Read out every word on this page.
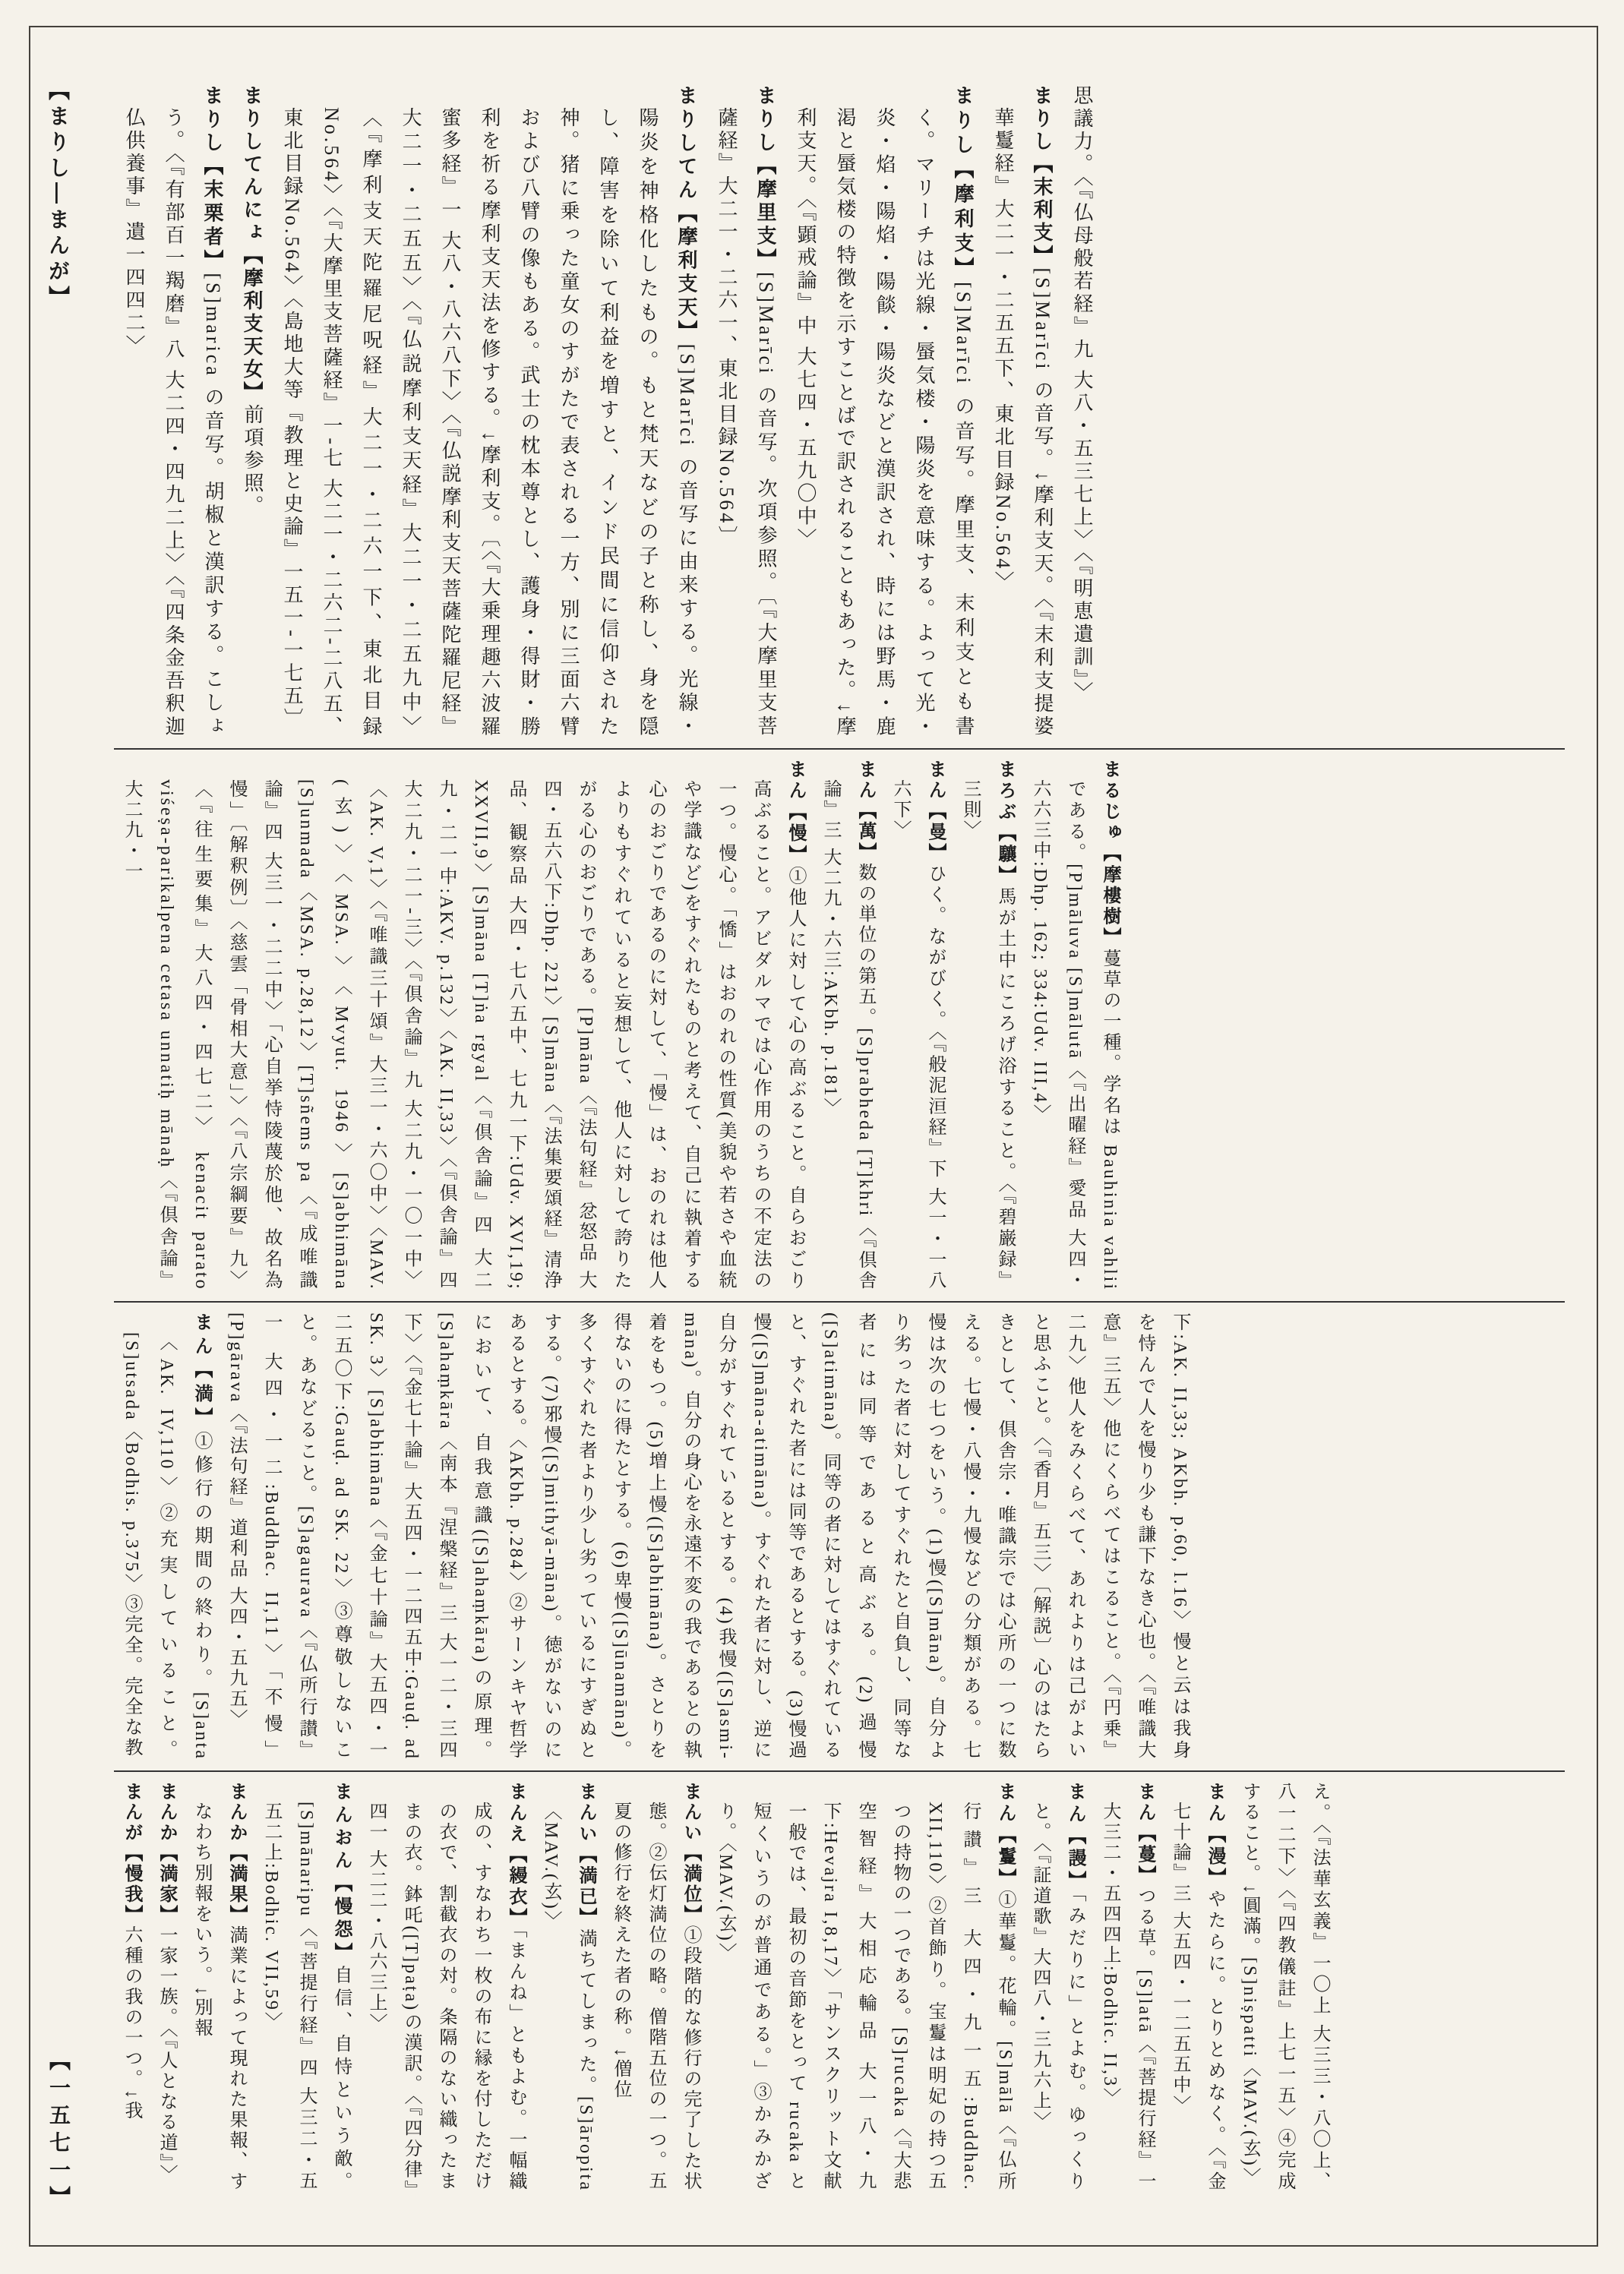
【まりし―まんが】	思議力。〈『仏母般若経』九 大八・五三七上〉〈『明恵遺訓』〉

まりし【末利支】[S]Marīci の音写。↓摩利支天。〈『末利支提婆華鬘経』大二一・二五五下、東北目録No.564〉

まりし【摩利支】[S]Marīci の音写。摩里支、末利支とも書く。マリーチは光線・蜃気楼・陽炎を意味する。よって光・炎・焰・陽焰・陽餤・陽炎などと漢訳され、時には野馬・鹿渇と蜃気楼の特徴を示すことばで訳されることもあった。↓摩利支天。〈『顕戒論』中 大七四・五九〇中〉

まりし【摩里支】[S]Marīci の音写。次項参照。〔『大摩里支菩薩経』大二一・二六一、東北目録No.564〕

まりしてん【摩利支天】[S]Marīci の音写に由来する。光線・陽炎を神格化したもの。もと梵天などの子と称し、身を隠し、障害を除いて利益を増すと、インド民間に信仰された神。猪に乗った童女のすがたで表される一方、別に三面六臂および八臂の像もある。武士の枕本尊とし、護身・得財・勝利を祈る摩利支天法を修する。↓摩利支。〔〈『大乗理趣六波羅蜜多経』一 大八・八六八下〉〈『仏説摩利支天菩薩陀羅尼経』大二一・二五五〉〈『仏説摩利支天経』大二一・二五九中〉〈『摩利支天陀羅尼呪経』大二一・二六一下、東北目録No.564〉〈『大摩里支菩薩経』一-七 大二一・二六二-二八五、東北目録No.564〉〈島地大等『教理と史論』一五一-一七五〕

まりしてんにょ【摩利支天女】前項参照。

まりし【末栗者】[S]marica の音写。胡椒と漢訳する。こしょう。〈『有部百一羯磨』八 大二四・四九二上〉〈『四条金吾釈迦仏供養事』遺一四四二〉

まるじゅ【摩樓樹】蔓草の一種。学名は Bauhinia vahlii である。[P]māluva [S]mālutā〈『出曜経』愛品 大四・六六三中:Dhp. 162; 334:Udv. III,4〉

まろぶ【驤】馬が土中にころげ浴すること。〈『碧巌録』三則〉

まん【曼】ひく。ながびく。〈『般泥洹経』下 大一・一八六下〉

まん【萬】数の単位の第五。[S]prabheda [T]khri〈『倶舎論』三 大二九・六三:AKbh. p.181〉

まん【慢】①他人に対して心の高ぶること。自らおごり高ぶること。アビダルマでは心作用のうちの不定法の一つ。慢心。「憍」はおのれの性質(美貌や若さや血統や学識など)をすぐれたものと考えて、自己に執着する心のおごりであるのに対して、「慢」は、おのれは他人よりもすぐれていると妄想して、他人に対して誇りたがる心のおごりである。[P]māna〈『法句経』忿怒品 大四・五六八下:Dhp. 221〉[S]māna〈『法集要頌経』清浄品、観察品 大四・七八五中、七九一下:Udv. XVI,19; XXVII,9〉[S]māna [T]ṅa rgyal〈『倶舎論』四 大二九・二一中:AKV. p.132〉〈AK. II,33〉〈『倶舎論』四 大二九・二一-三〉〈『倶舎論』九 大二九・一〇一中〉〈AK. V,1〉〈『唯識三十頌』大三一・六〇中〉〈MAV.(玄)〉〈MSA.〉〈Mvyut. 1946〉[S]abhimāna [S]unmada〈MSA. p.28,12〉[T]sñems pa〈『成唯識論』四 大三一・二二中〉「心自挙恃陵蔑於他、故名為慢」〔解釈例〕〈慈雲「骨相大意」〉〈『八宗綱要』九〉〈『往生要集』大八四・四七二〉 kenacit parato viśeṣa-parikalpena cetasa unnatiḥ mānaḥ〈『倶舎論』大二九・一

下:AK. II,33; AKbh. p.60, l.16〉慢と云は我身を恃んで人を慢り少も謙下なき心也。〈『唯識大意』三五〉他にくらべてはこること。〈『円乗』二九〉他人をみくらべて、あれよりは己がよいと思ふこと。〈『香月』五三〉〔解説〕心のはたらきとして、倶舎宗・唯識宗では心所の一つに数える。七慢・八慢・九慢などの分類がある。七慢は次の七つをいう。(1)慢([S]māna)。自分より劣った者に対してすぐれたと自負し、同等な者には同等であると高ぶる。(2)過慢([S]atimāna)。同等の者に対してはすぐれていると、すぐれた者には同等であるとする。(3)慢過慢([S]māna-atimāna)。すぐれた者に対し、逆に自分がすぐれているとする。(4)我慢([S]asmi-māna)。自分の身心を永遠不変の我であるとの執着をもつ。(5)増上慢([S]abhimāna)。さとりを得ないのに得たとする。(6)卑慢([S]ūnamāna)。多くすぐれた者より少し劣っているにすぎぬとする。(7)邪慢([S]mithyā-māna)。徳がないのにあるとする。〈AKbh. p.284〉②サーンキヤ哲学において、自我意識([S]ahaṃkāra)の原理。[S]ahaṃkāra〈南本『涅槃経』三 大一二・三四下〉〈『金七十論』大五四・一二四五中:Gauḍ. ad SK. 3〉[S]abhimāna〈『金七十論』大五四・一二五〇下:Gauḍ. ad SK. 22〉③尊敬しないこと。あなどること。[S]agaurava〈『仏所行讃』一 大四・一二:Buddhac. II,11〉「不慢」[P]gārava〈『法句経』道利品 大四・五九五〉

まん【満】①修行の期間の終わり。[S]anta〈AK. IV,110〉②充実していること。[S]utsada〈Bodhis. p.375〉③完全。完全な教

え。〈『法華玄義』一〇上 大三三・八〇上、八一二下〉〈『四教儀註』上七一五〉④完成すること。↓圓滿。[S]niṣpatti〈MAV.(玄)〉

まん【漫】やたらに。とりとめなく。〈『金七十論』三 大五四・一二五五中〉

まん【蔓】つる草。[S]latā〈『菩提行経』一 大三二・五四四上:Bodhic. II,3〉

まん【謾】「みだりに」とよむ。ゆっくりと。〈『証道歌』大四八・三九六上〉

まん【鬘】①華鬘。花輪。[S]mālā〈『仏所行讃』三 大四・九一五:Buddhac. XII,110〉②首飾り。宝鬘は明妃の持つ五つの持物の一つである。[S]rucaka〈『大悲空智経』大相応輪品 大一八・九下:Hevajra I,8,17〉「サンスクリット文献一般では、最初の音節をとって rucaka と短くいうのが普通である。」③かみかざり。〈MAV.(玄)〉

まんい【満位】①段階的な修行の完了した状態。②伝灯満位の略。僧階五位の一つ。五夏の修行を終えた者の称。↓僧位

まんい【満已】満ちてしまった。[S]āropita〈MAV.(玄)〉

まんえ【縵衣】「まんね」ともよむ。一幅織成の、すなわち一枚の布に縁を付しただけの衣で、割截衣の対。条隔のない織ったままの衣。鉢吒([T]paṭa)の漢訳。〈『四分律』四一 大二二・八六三上〉

まんおん【慢怨】自信、自恃という敵。[S]mānaripu〈『菩提行経』四 大三二・五五二上:Bodhic. VII,59〉

まんか【満果】満業によって現れた果報、すなわち別報をいう。↓別報

まんか【満家】一家一族。〈『人となる道』〉

まんが【慢我】六種の我の一つ。↓我

【一五七一】
